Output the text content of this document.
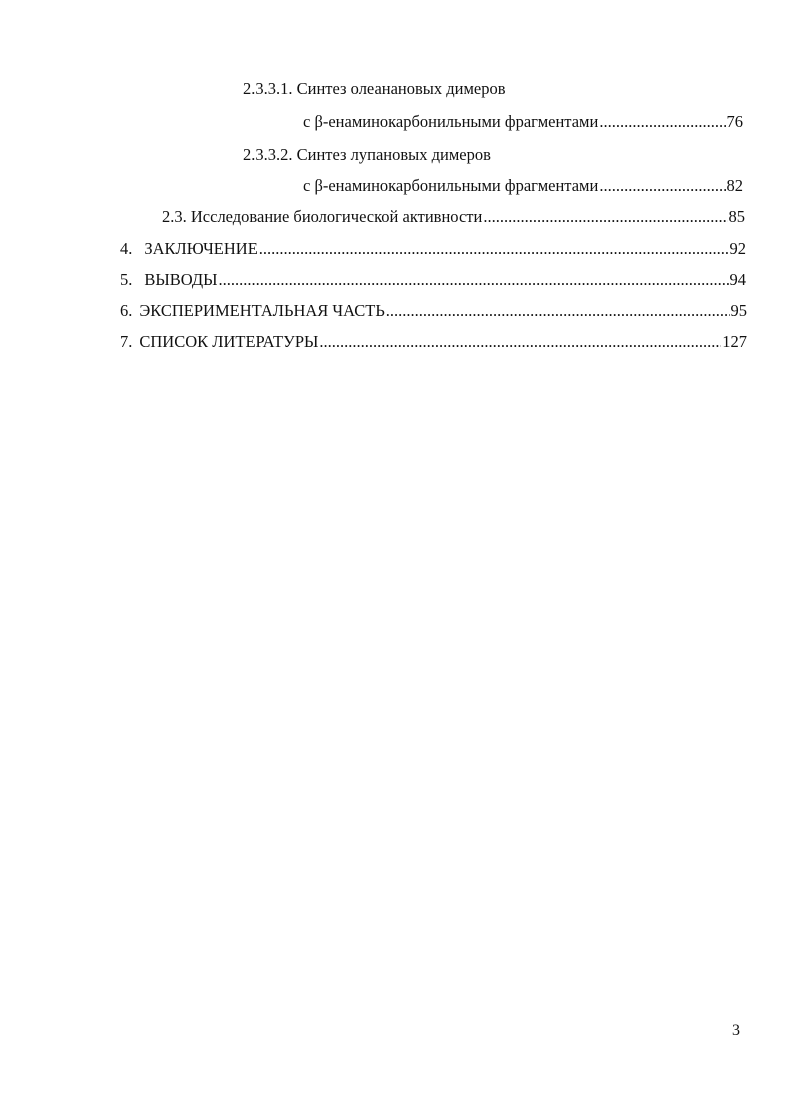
2.3.3.1. Синтез олеанановых димеров
с β-енаминокарбонильными фрагментами .....	76
2.3.3.2. Синтез лупановых димеров
с β-енаминокарбонильными фрагментами .....	82
2.3. Исследование биологической активности .....	85
4. ЗАКЛЮЧЕНИЕ .....	92
5. ВЫВОДЫ .....	94
6. ЭКСПЕРИМЕНТАЛЬНАЯ ЧАСТЬ .....	95
7. СПИСОК ЛИТЕРАТУРЫ .....	127
3
